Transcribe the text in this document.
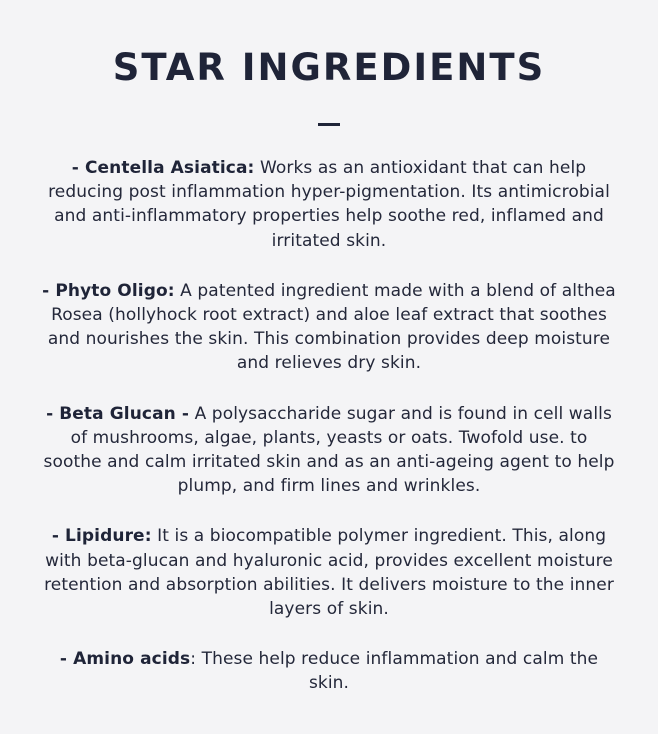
STAR INGREDIENTS

- Centella Asiatica: Works as an antioxidant that can help reducing post inflammation hyper-pigmentation. Its antimicrobial and anti-inflammatory properties help soothe red, inflamed and irritated skin.

- Phyto Oligo: A patented ingredient made with a blend of althea Rosea (hollyhock root extract) and aloe leaf extract that soothes and nourishes the skin. This combination provides deep moisture and relieves dry skin.

- Beta Glucan - A polysaccharide sugar and is found in cell walls of mushrooms, algae, plants, yeasts or oats. Twofold use. to soothe and calm irritated skin and as an anti-ageing agent to help plump, and firm lines and wrinkles.

- Lipidure: It is a biocompatible polymer ingredient. This, along with beta-glucan and hyaluronic acid, provides excellent moisture retention and absorption abilities. It delivers moisture to the inner layers of skin.

- Amino acids: These help reduce inflammation and calm the skin.
